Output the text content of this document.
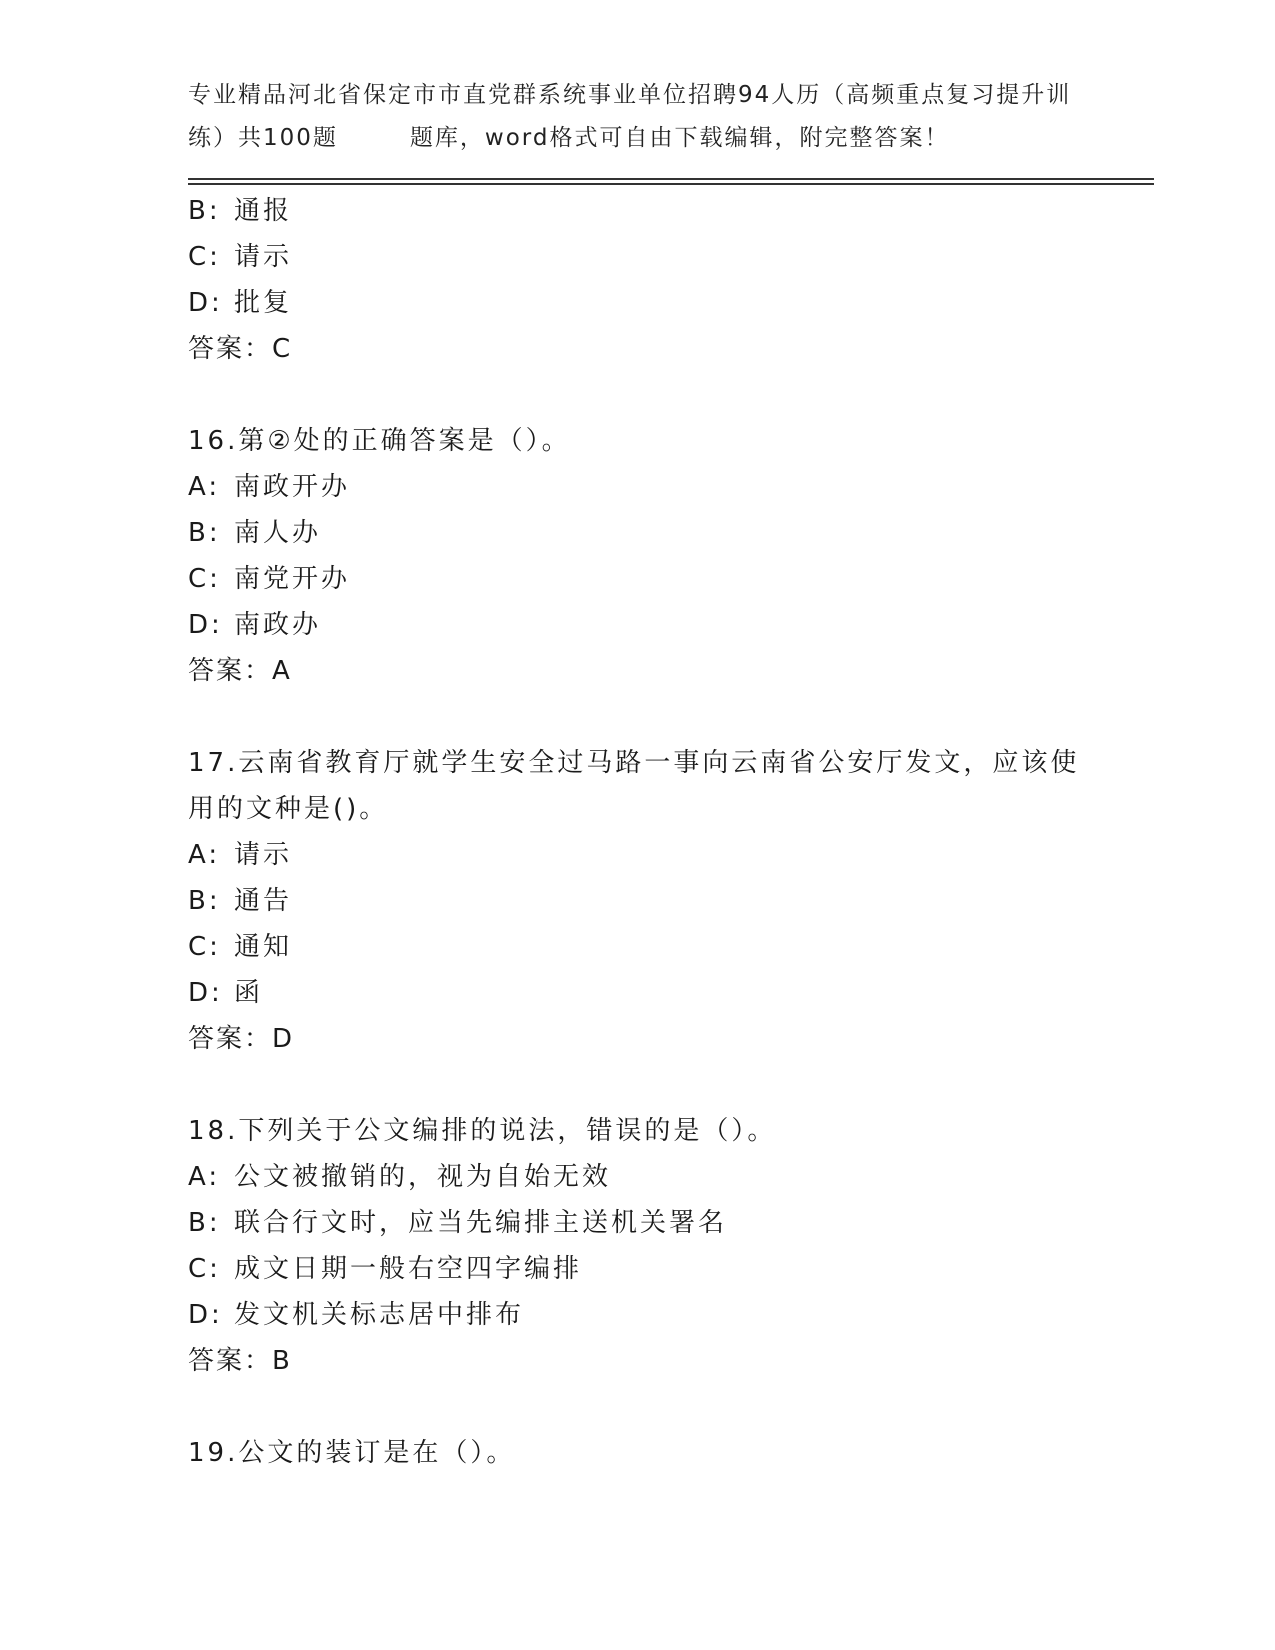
专业精品河北省保定市市直党群系统事业单位招聘94人历（高频重点复习提升训
练）共100题	题库，word格式可自由下载编辑，附完整答案！
B: 通报
C: 请示
D: 批复
答案：C
16.第②处的正确答案是（）。
A: 南政开办
B: 南人办
C: 南党开办
D: 南政办
答案：A
17.云南省教育厅就学生安全过马路一事向云南省公安厅发文，应该使
用的文种是()。
A: 请示
B: 通告
C: 通知
D: 函
答案：D
18.下列关于公文编排的说法，错误的是（）。
A: 公文被撤销的，视为自始无效
B: 联合行文时，应当先编排主送机关署名
C: 成文日期一般右空四字编排
D: 发文机关标志居中排布
答案：B
19.公文的装订是在（）。
